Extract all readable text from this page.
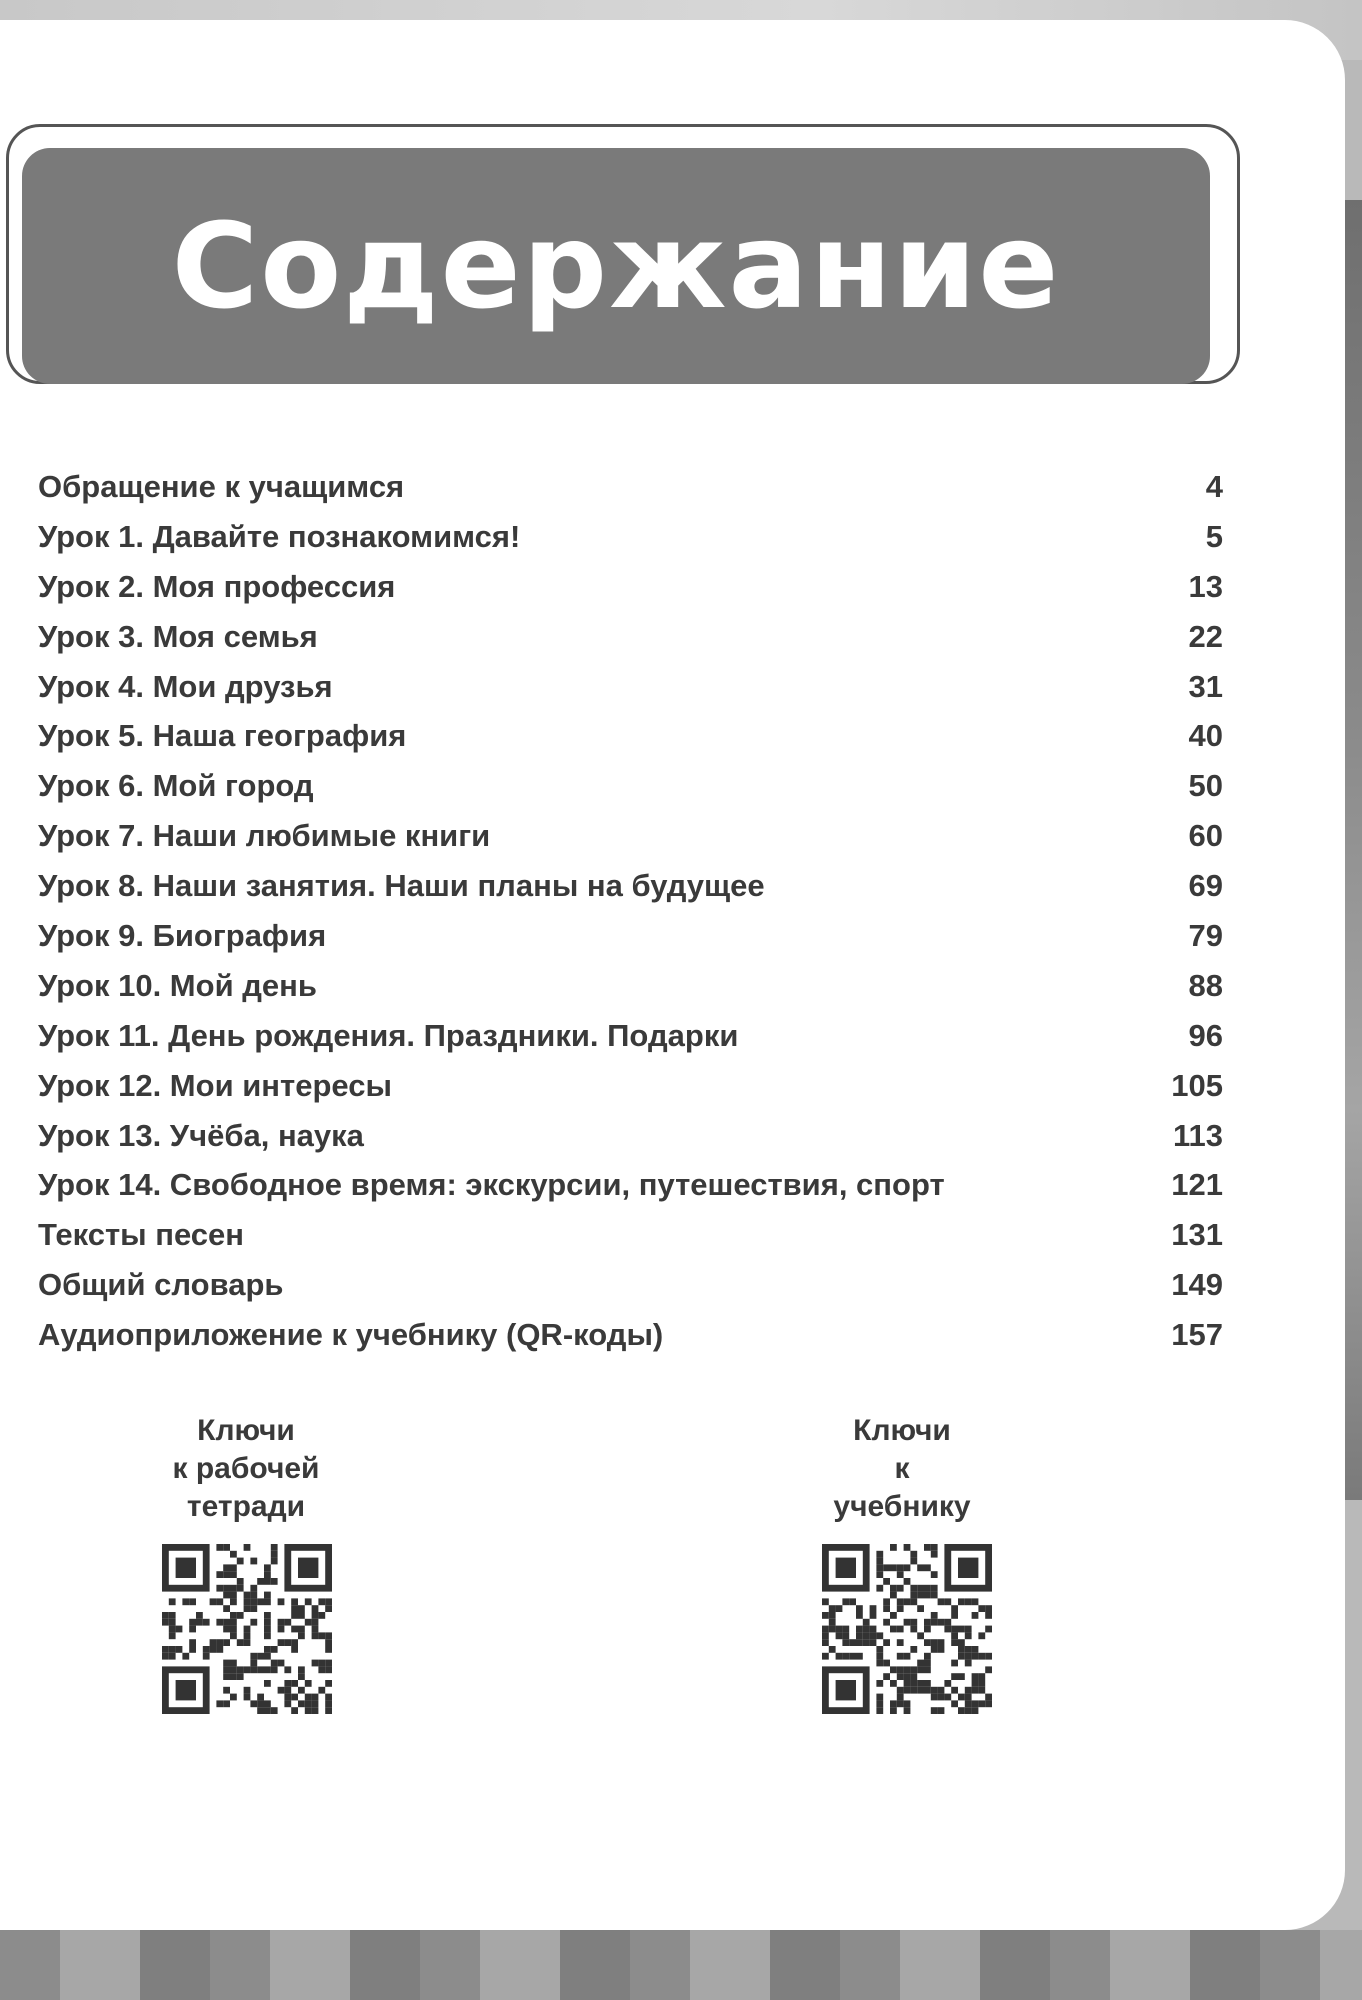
Содержание
Обращение к учащимся	4
Урок 1. Давайте познакомимся!	5
Урок 2. Моя профессия	13
Урок 3. Моя семья	22
Урок 4. Мои друзья	31
Урок 5. Наша география	40
Урок 6. Мой город	50
Урок 7. Наши любимые книги	60
Урок 8. Наши занятия. Наши планы на будущее	69
Урок 9. Биография	79
Урок 10. Мой день	88
Урок 11. День рождения. Праздники. Подарки	96
Урок 12. Мои интересы	105
Урок 13. Учёба, наука	113
Урок 14. Свободное время: экскурсии, путешествия, спорт	121
Тексты песен	131
Общий словарь	149
Аудиоприложение к учебнику (QR-коды)	157
Ключи
к рабочей
тетради
Ключи
к
учебнику
